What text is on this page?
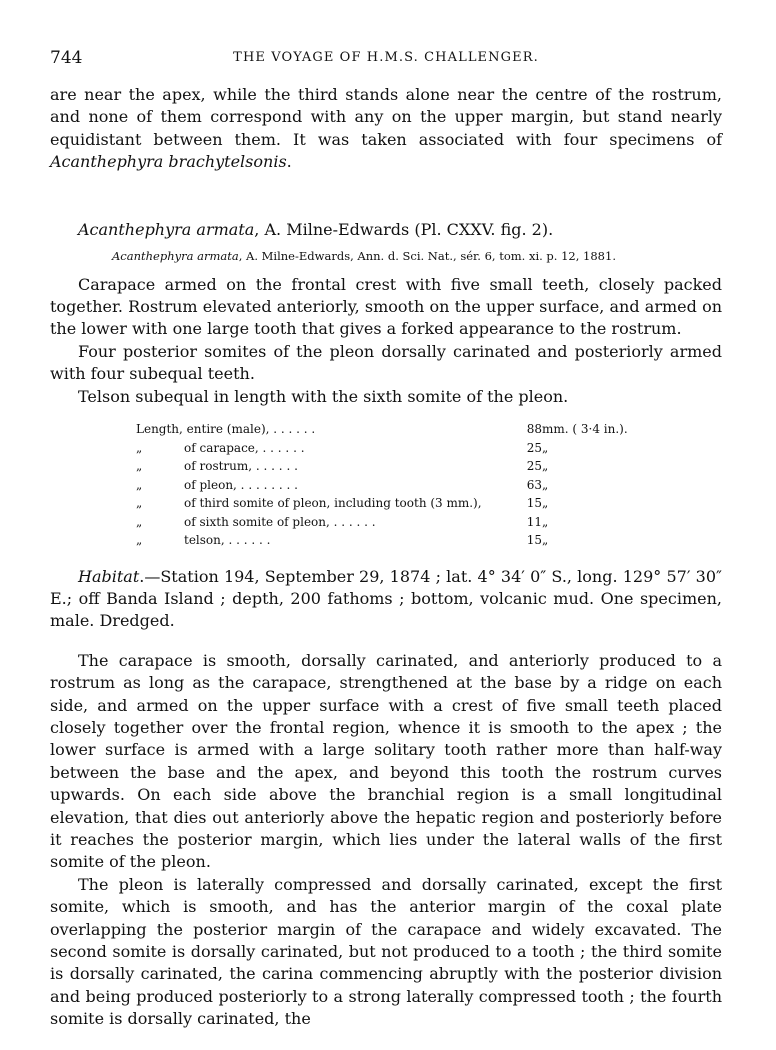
744	THE VOYAGE OF H.M.S. CHALLENGER.

are near the apex, while the third stands alone near the centre of the rostrum, and none of them correspond with any on the upper margin, but stand nearly equidistant between them. It was taken associated with four specimens of Acanthephyra brachytelsonis.

Acanthephyra armata, A. Milne-Edwards (Pl. CXXV. fig. 2).
Acanthephyra armata, A. Milne-Edwards, Ann. d. Sci. Nat., sér. 6, tom. xi. p. 12, 1881.

Carapace armed on the frontal crest with five small teeth, closely packed together. Rostrum elevated anteriorly, smooth on the upper surface, and armed on the lower with one large tooth that gives a forked appearance to the rostrum.

Four posterior somites of the pleon dorsally carinated and posteriorly armed with four subequal teeth.

Telson subequal in length with the sixth somite of the pleon.

Length, entire (male), . . . . . .	88	mm. ( 3·4 in.).
„ of carapace, . . . . . .	25	„
„ of rostrum, . . . . . .	25	„
„ of pleon, . . . . . . . .	63	„
„ of third somite of pleon, including tooth (3 mm.),	15	„
„ of sixth somite of pleon, . . . . . .	11	„
„ telson, . . . . . .	15	„

Habitat.—Station 194, September 29, 1874 ; lat. 4° 34′ 0″ S., long. 129° 57′ 30″ E.; off Banda Island ; depth, 200 fathoms ; bottom, volcanic mud. One specimen, male. Dredged.

The carapace is smooth, dorsally carinated, and anteriorly produced to a rostrum as long as the carapace, strengthened at the base by a ridge on each side, and armed on the upper surface with a crest of five small teeth placed closely together over the frontal region, whence it is smooth to the apex ; the lower surface is armed with a large solitary tooth rather more than half-way between the base and the apex, and beyond this tooth the rostrum curves upwards. On each side above the branchial region is a small longitudinal elevation, that dies out anteriorly above the hepatic region and posteriorly before it reaches the posterior margin, which lies under the lateral walls of the first somite of the pleon.

The pleon is laterally compressed and dorsally carinated, except the first somite, which is smooth, and has the anterior margin of the coxal plate overlapping the posterior margin of the carapace and widely excavated. The second somite is dorsally carinated, but not produced to a tooth ; the third somite is dorsally carinated, the carina commencing abruptly with the posterior division and being produced posteriorly to a strong laterally compressed tooth ; the fourth somite is dorsally carinated, the
